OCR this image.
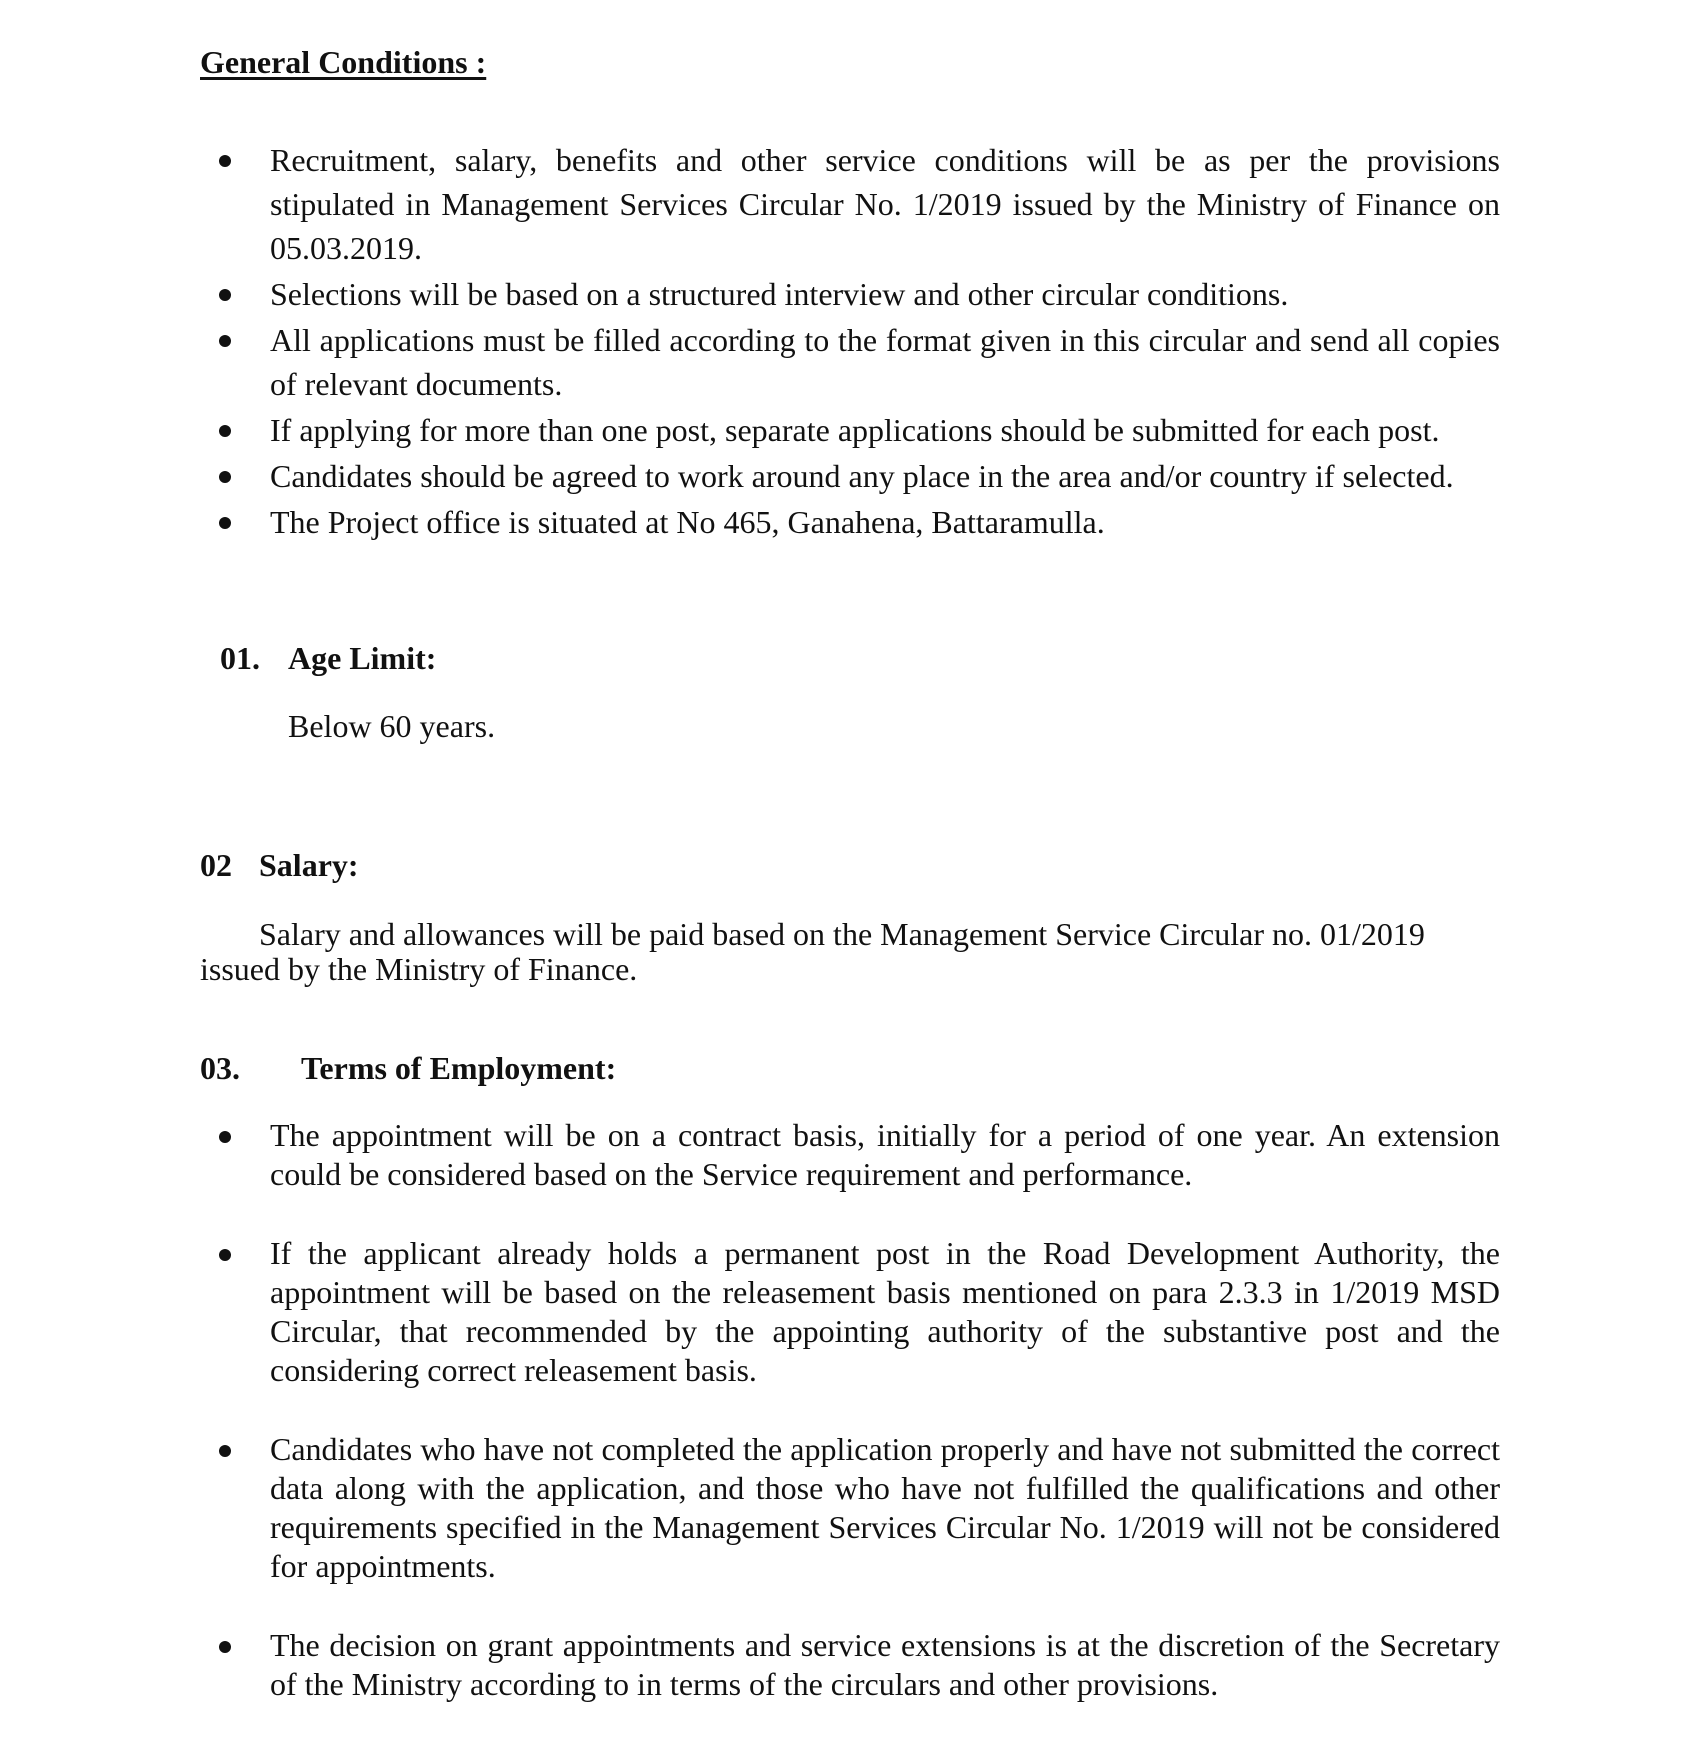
General Conditions :
Recruitment, salary, benefits and other service conditions will be as per the provisions stipulated in Management Services Circular No. 1/2019 issued by the Ministry of Finance on 05.03.2019.
Selections will be based on a structured interview and other circular conditions.
All applications must be filled according to the format given in this circular and send all copies of relevant documents.
If applying for more than one post, separate applications should be submitted for each post.
Candidates should be agreed to work around any place in the area and/or country if selected.
The Project office is situated at No 465, Ganahena, Battaramulla.
01. Age Limit:

Below 60 years.

02 Salary:

Salary and allowances will be paid based on the Management Service Circular no. 01/2019

issued by the Ministry of Finance.

03. Terms of Employment:
The appointment will be on a contract basis, initially for a period of one year. An extension could be considered based on the Service requirement and performance.
If the applicant already holds a permanent post in the Road Development Authority, the appointment will be based on the releasement basis mentioned on para 2.3.3 in 1/2019 MSD Circular, that recommended by the appointing authority of the substantive post and the considering correct releasement basis.
Candidates who have not completed the application properly and have not submitted the correct data along with the application, and those who have not fulfilled the qualifications and other requirements specified in the Management Services Circular No. 1/2019 will not be considered for appointments.
The decision on grant appointments and service extensions is at the discretion of the Secretary of the Ministry according to in terms of the circulars and other provisions.
